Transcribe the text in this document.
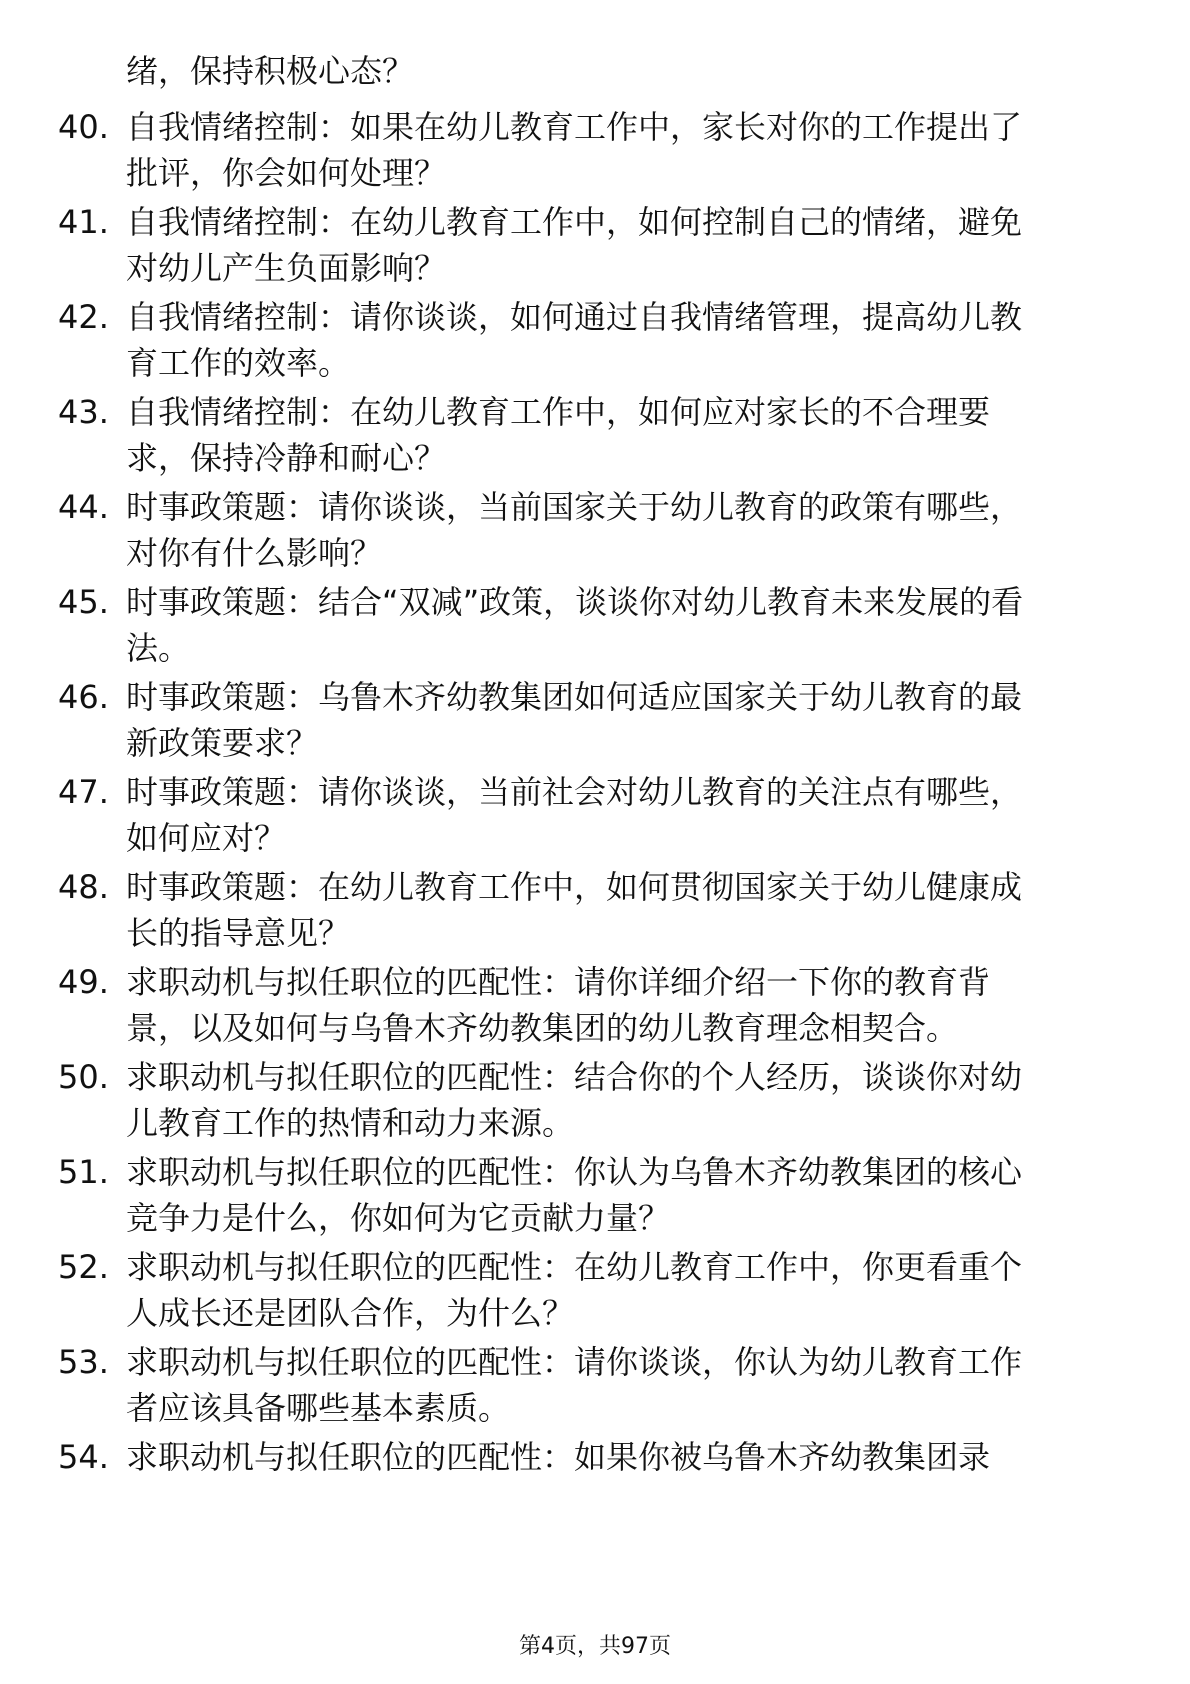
绪，保持积极心态？
40. 自我情绪控制：如果在幼儿教育工作中，家长对你的工作提出了
批评，你会如何处理？
41. 自我情绪控制：在幼儿教育工作中，如何控制自己的情绪，避免
对幼儿产生负面影响？
42. 自我情绪控制：请你谈谈，如何通过自我情绪管理，提高幼儿教
育工作的效率。
43. 自我情绪控制：在幼儿教育工作中，如何应对家长的不合理要
求，保持冷静和耐心？
44. 时事政策题：请你谈谈，当前国家关于幼儿教育的政策有哪些，
对你有什么影响？
45. 时事政策题：结合“双减”政策，谈谈你对幼儿教育未来发展的看
法。
46. 时事政策题：乌鲁木齐幼教集团如何适应国家关于幼儿教育的最
新政策要求？
47. 时事政策题：请你谈谈，当前社会对幼儿教育的关注点有哪些，
如何应对？
48. 时事政策题：在幼儿教育工作中，如何贯彻国家关于幼儿健康成
长的指导意见？
49. 求职动机与拟任职位的匹配性：请你详细介绍一下你的教育背
景，以及如何与乌鲁木齐幼教集团的幼儿教育理念相契合。
50. 求职动机与拟任职位的匹配性：结合你的个人经历，谈谈你对幼
儿教育工作的热情和动力来源。
51. 求职动机与拟任职位的匹配性：你认为乌鲁木齐幼教集团的核心
竞争力是什么，你如何为它贡献力量？
52. 求职动机与拟任职位的匹配性：在幼儿教育工作中，你更看重个
人成长还是团队合作，为什么？
53. 求职动机与拟任职位的匹配性：请你谈谈，你认为幼儿教育工作
者应该具备哪些基本素质。
54. 求职动机与拟任职位的匹配性：如果你被乌鲁木齐幼教集团录
第4页，共97页
